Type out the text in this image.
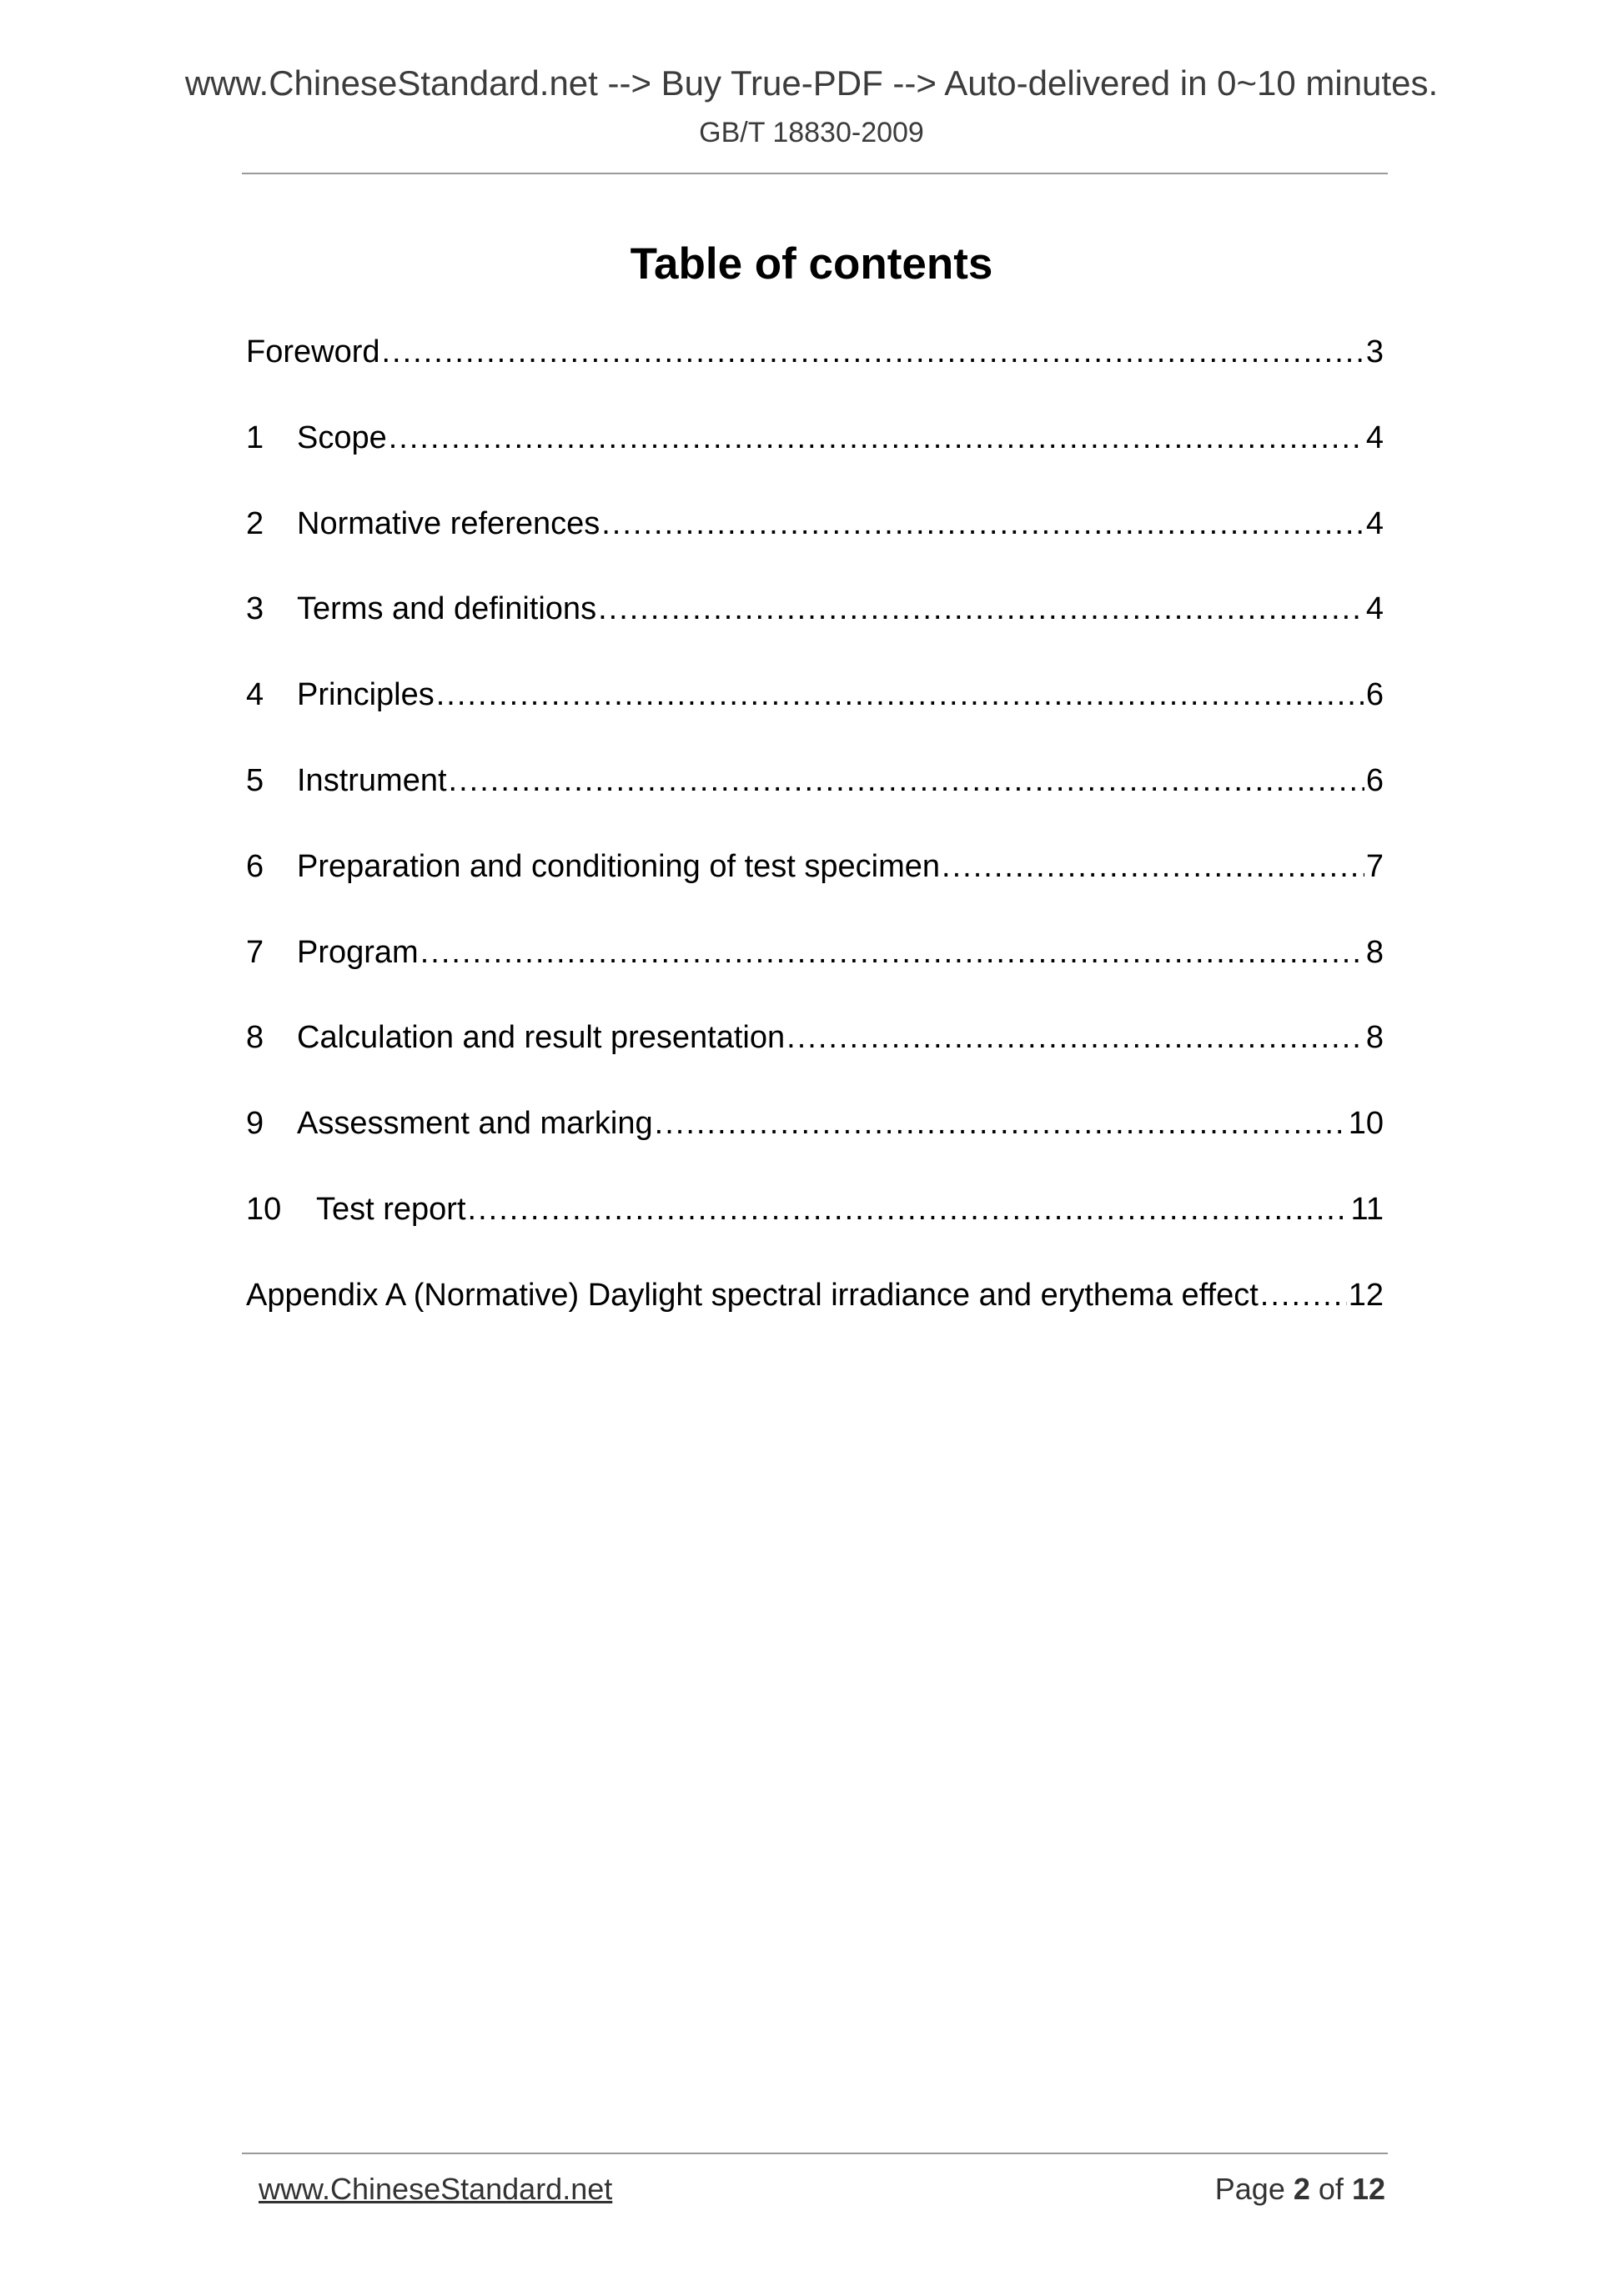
www.ChineseStandard.net --> Buy True-PDF --> Auto-delivered in 0~10 minutes.
GB/T 18830-2009
Table of contents
Foreword .....	3
1	Scope .....	4
2	Normative references .....	4
3	Terms and definitions .....	4
4	Principles .....	6
5	Instrument .....	6
6	Preparation and conditioning of test specimen .....	7
7	Program .....	8
8	Calculation and result presentation .....	8
9	Assessment and marking .....	10
10	Test report .....	11
Appendix A (Normative) Daylight spectral irradiance and erythema effect .....	12
www.ChineseStandard.net	Page 2 of 12
